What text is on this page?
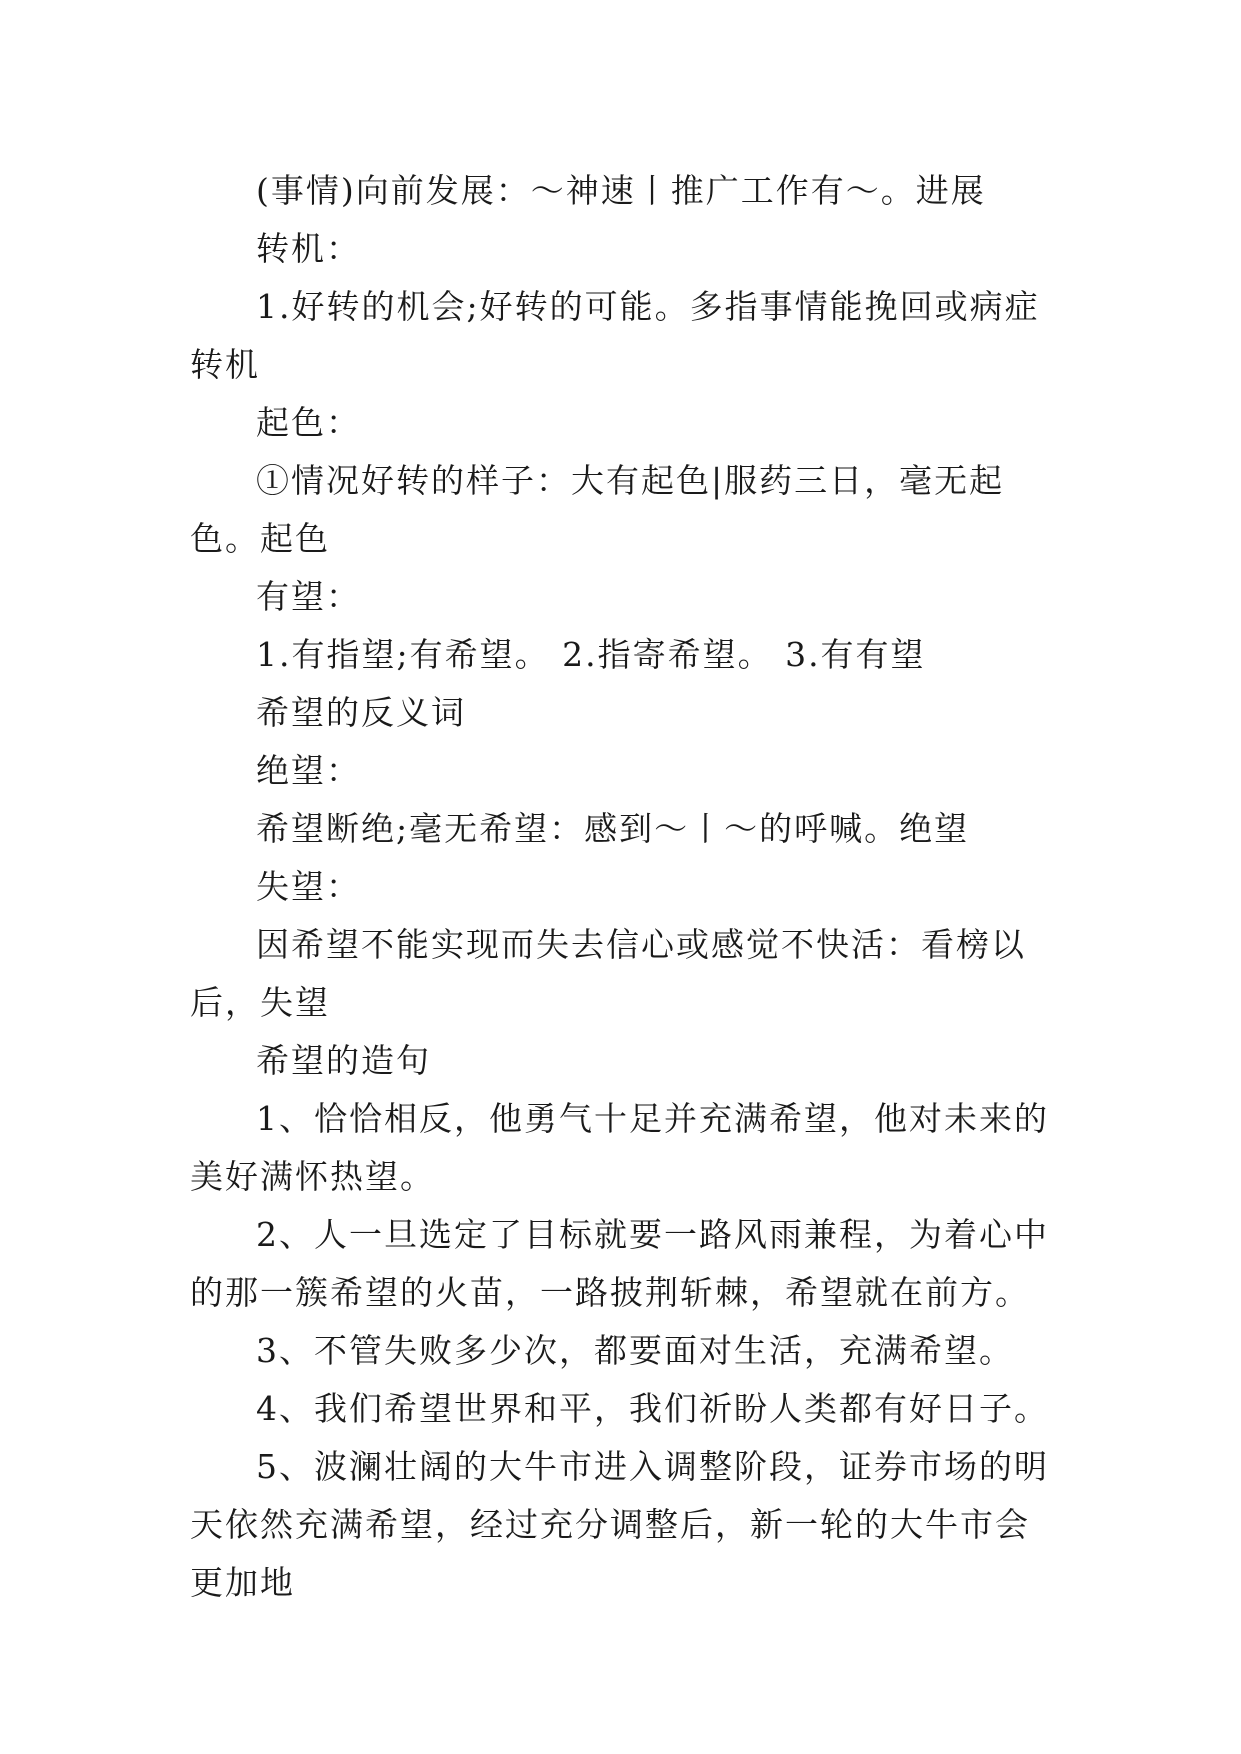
(事情)向前发展：～神速丨推广工作有～。进展

转机：

1.好转的机会;好转的可能。多指事情能挽回或病症转机

起色：

①情况好转的样子：大有起色|服药三日，毫无起色。起色

有望：

1.有指望;有希望。 2.指寄希望。 3.有有望

希望的反义词

绝望：

希望断绝;毫无希望：感到～丨～的呼喊。绝望

失望：

因希望不能实现而失去信心或感觉不快活：看榜以后，失望

希望的造句

1、恰恰相反，他勇气十足并充满希望，他对未来的美好满怀热望。

2、人一旦选定了目标就要一路风雨兼程，为着心中的那一簇希望的火苗，一路披荆斩棘，希望就在前方。

3、不管失败多少次，都要面对生活，充满希望。

4、我们希望世界和平，我们祈盼人类都有好日子。

5、波澜壮阔的大牛市进入调整阶段，证券市场的明天依然充满希望，经过充分调整后，新一轮的大牛市会更加地
